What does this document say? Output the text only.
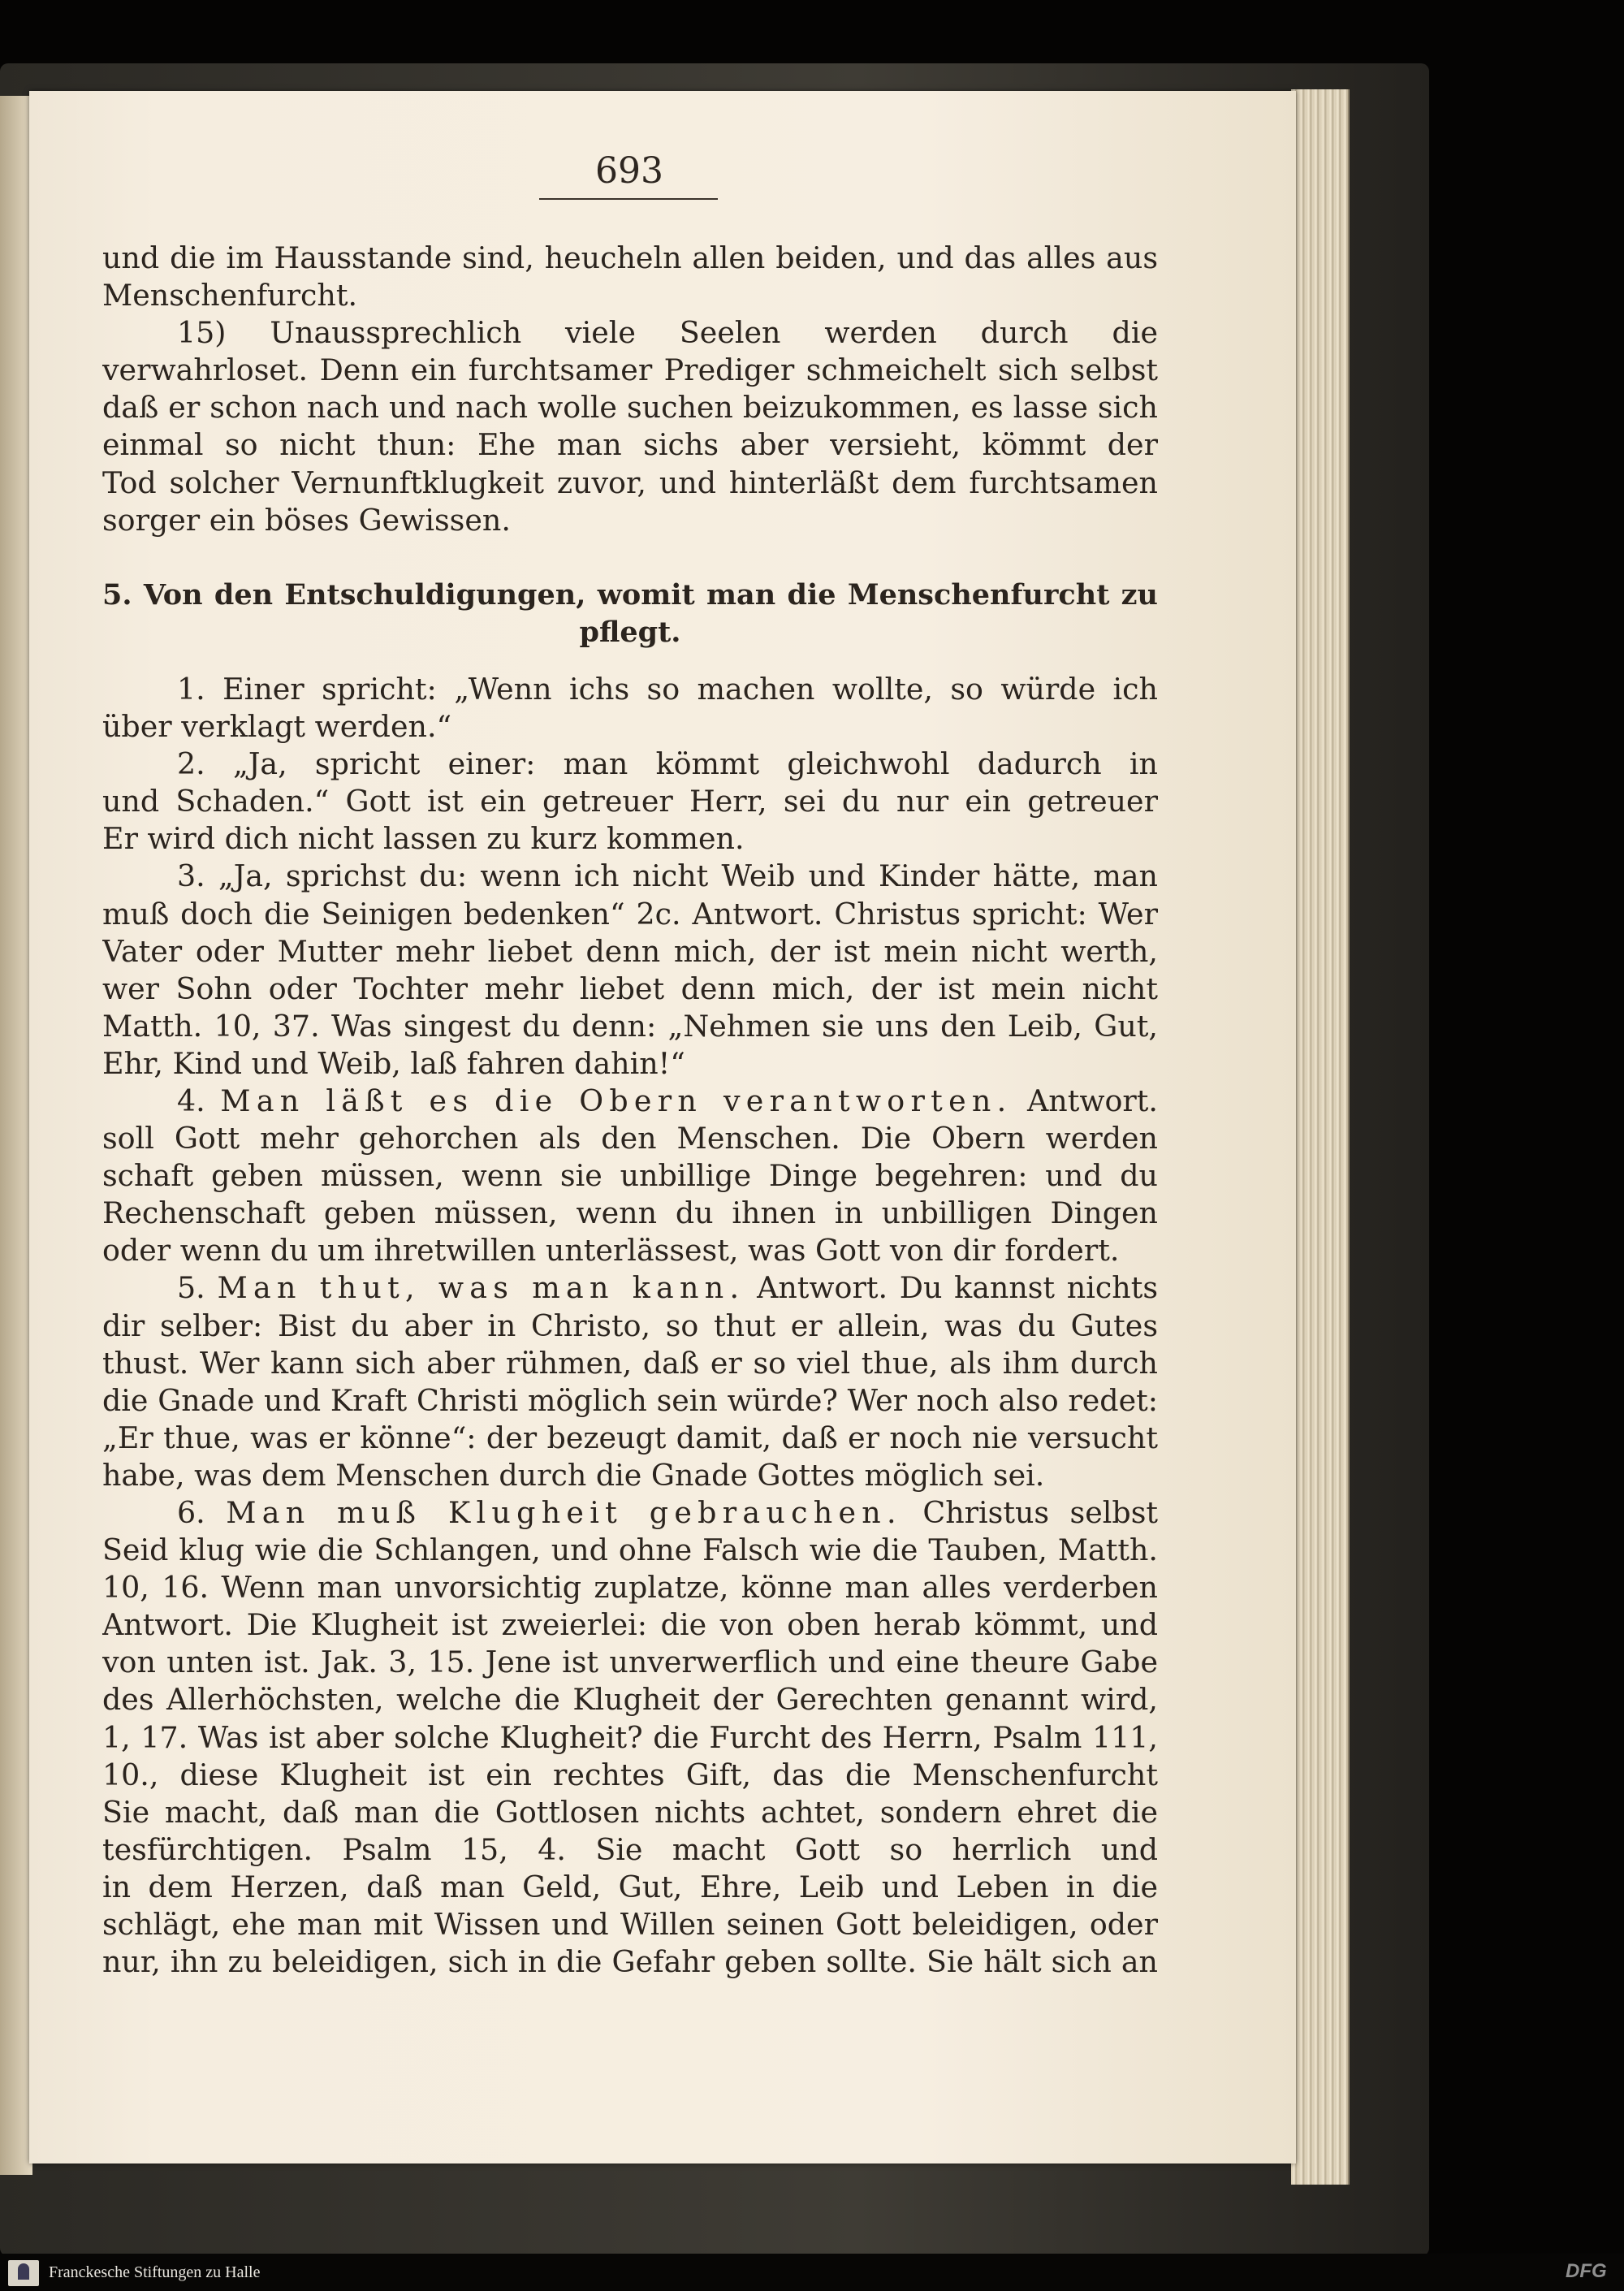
693
und die im Hausstande sind, heucheln allen beiden, und das alles aus
Menschenfurcht.
15) Unaussprechlich viele Seelen werden durch die
verwahrloset. Denn ein furchtsamer Prediger schmeichelt sich selbst
daß er schon nach und nach wolle suchen beizukommen, es lasse sich
einmal so nicht thun: Ehe man sichs aber versieht, kömmt der
Tod solcher Vernunftklugkeit zuvor, und hinterläßt dem furchtsamen
sorger ein böses Gewissen.
5. Von den Entschuldigungen, womit man die Menschenfurcht zu
pflegt.
1. Einer spricht: „Wenn ichs so machen wollte, so würde ich
über verklagt werden.“
2. „Ja, spricht einer: man kömmt gleichwohl dadurch in
und Schaden.“ Gott ist ein getreuer Herr, sei du nur ein getreuer
Er wird dich nicht lassen zu kurz kommen.
3. „Ja, sprichst du: wenn ich nicht Weib und Kinder hätte, man
muß doch die Seinigen bedenken“ 2c. Antwort. Christus spricht: Wer
Vater oder Mutter mehr liebet denn mich, der ist mein nicht werth,
wer Sohn oder Tochter mehr liebet denn mich, der ist mein nicht
Matth. 10, 37. Was singest du denn: „Nehmen sie uns den Leib, Gut,
Ehr, Kind und Weib, laß fahren dahin!“
4. Man läßt es die Obern verantworten. Antwort.
soll Gott mehr gehorchen als den Menschen. Die Obern werden
schaft geben müssen, wenn sie unbillige Dinge begehren: und du
Rechenschaft geben müssen, wenn du ihnen in unbilligen Dingen
oder wenn du um ihretwillen unterlässest, was Gott von dir fordert.
5. Man thut, was man kann. Antwort. Du kannst nichts
dir selber: Bist du aber in Christo, so thut er allein, was du Gutes
thust. Wer kann sich aber rühmen, daß er so viel thue, als ihm durch
die Gnade und Kraft Christi möglich sein würde? Wer noch also redet:
„Er thue, was er könne“: der bezeugt damit, daß er noch nie versucht
habe, was dem Menschen durch die Gnade Gottes möglich sei.
6. Man muß Klugheit gebrauchen. Christus selbst
Seid klug wie die Schlangen, und ohne Falsch wie die Tauben, Matth.
10, 16. Wenn man unvorsichtig zuplatze, könne man alles verderben
Antwort. Die Klugheit ist zweierlei: die von oben herab kömmt, und
von unten ist. Jak. 3, 15. Jene ist unverwerflich und eine theure Gabe
des Allerhöchsten, welche die Klugheit der Gerechten genannt wird,
1, 17. Was ist aber solche Klugheit? die Furcht des Herrn, Psalm 111,
10., diese Klugheit ist ein rechtes Gift, das die Menschenfurcht
Sie macht, daß man die Gottlosen nichts achtet, sondern ehret die
tesfürchtigen. Psalm 15, 4. Sie macht Gott so herrlich und
in dem Herzen, daß man Geld, Gut, Ehre, Leib und Leben in die
schlägt, ehe man mit Wissen und Willen seinen Gott beleidigen, oder
nur, ihn zu beleidigen, sich in die Gefahr geben sollte. Sie hält sich an
Franckesche Stiftungen zu Halle	DFG
